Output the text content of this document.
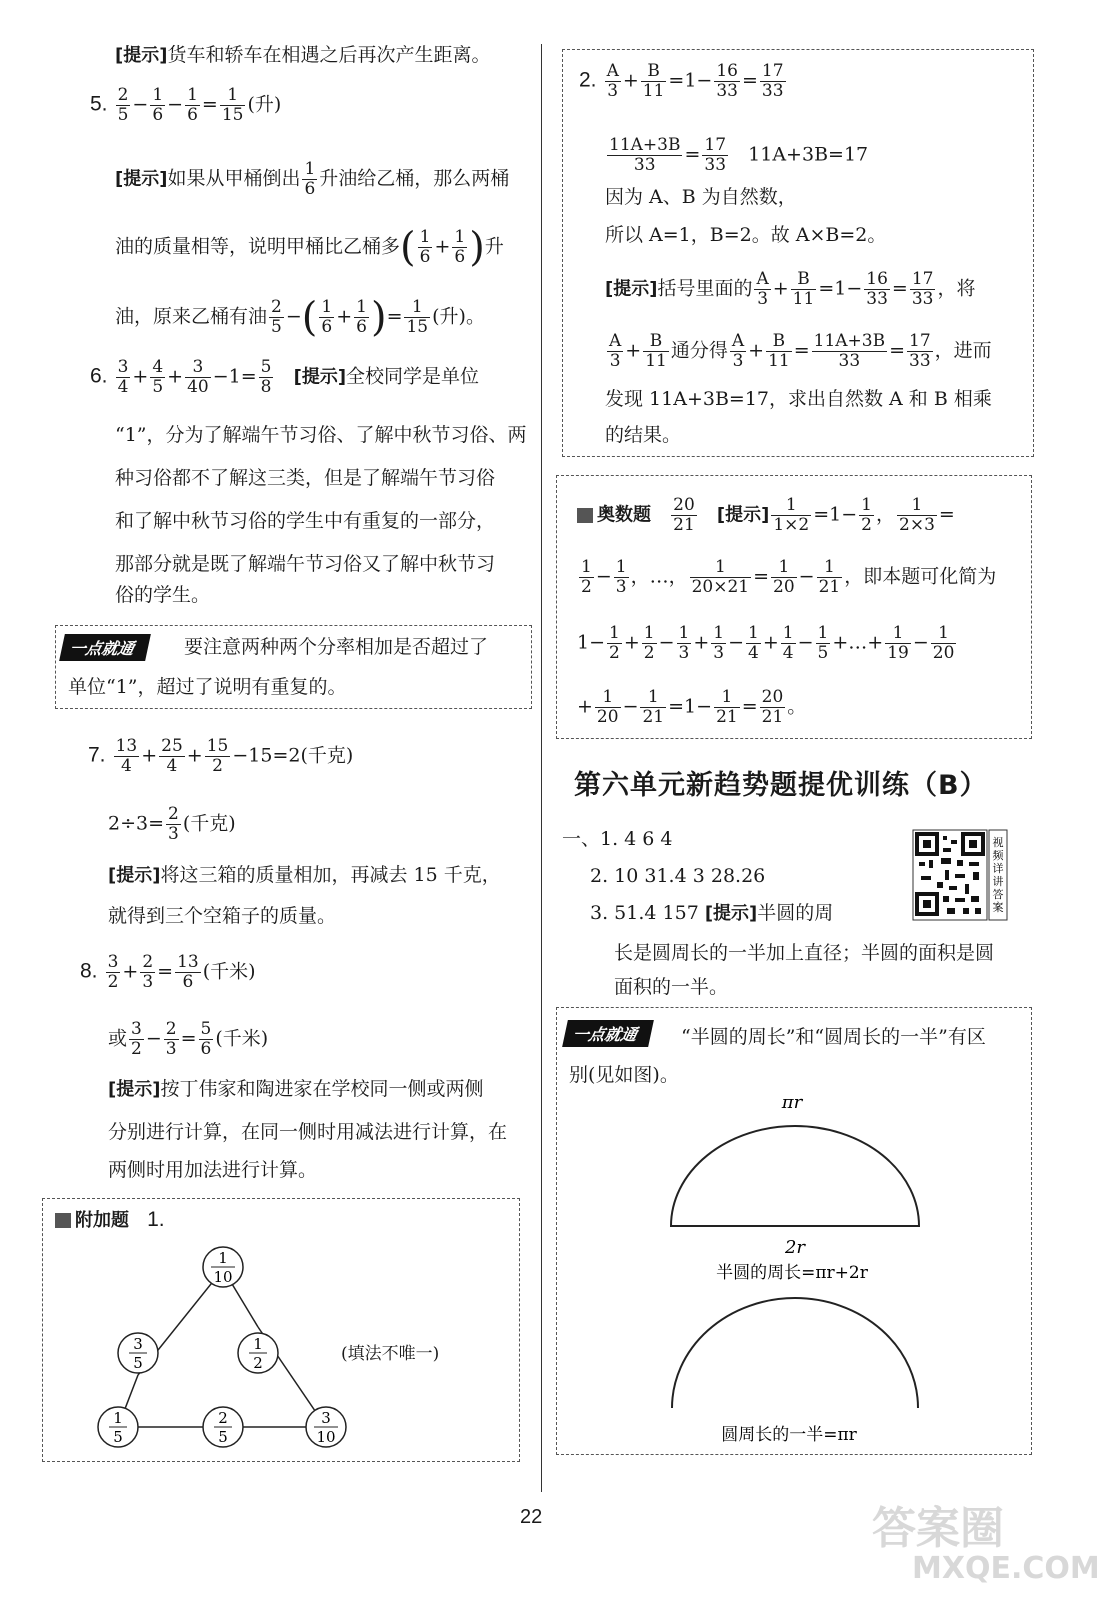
[提示]货车和轿车在相遇之后再次产生距离。
5. $\frac{2}{5} - \frac{1}{6} - \frac{1}{6} = \frac{1}{15}$ (升)
[提示]如果从甲桶倒出 $\frac{1}{6}$ 升油给乙桶，那么两桶
油的质量相等，说明甲桶比乙桶多( $\frac{1}{6} + \frac{1}{6}$ )升
油，原来乙桶有油 $\frac{2}{5}$ −( $\frac{1}{6} + \frac{1}{6}$ )= $\frac{1}{15}$ (升)。
6. $\frac{3}{4} + \frac{4}{5} + \frac{3}{40} -1= \frac{5}{8}$ [提示]全校同学是单位
“1”，分为了解端午节习俗、了解中秋节习俗、两
种习俗都不了解这三类，但是了解端午节习俗
和了解中秋节习俗的学生中有重复的一部分，
那部分就是既了解端午节习俗又了解中秋节习
俗的学生。
一点就通	要注意两种两个分率相加是否超过了
单位“1”，超过了说明有重复的。
7. $\frac{13}{4} + \frac{25}{4} + \frac{15}{2} -15=2$(千克)
$2\div 3= \frac{2}{3}$ (千克)
[提示]将这三箱的质量相加，再减去 15 千克，
就得到三个空箱子的质量。
8. $\frac{3}{2} + \frac{2}{3} = \frac{13}{6}$ (千米)
或 $\frac{3}{2} - \frac{2}{3} = \frac{5}{6}$ (千米)
[提示]按丁伟家和陶进家在学校同一侧或两侧
分别进行计算，在同一侧时用减法进行计算，在
两侧时用加法进行计算。
附加题 1.
1
10
3
5
1
2
1
5
2
5
3
10
(填法不唯一)
2. $\frac{A}{3} + \frac{B}{11} =1- \frac{16}{33} = \frac{17}{33}$
$\frac{11A+3B}{33} = \frac{17}{33} 11A+3B=17$
因为 A、B 为自然数，
所以 A=1，B=2。故 A×B=2。
[提示]括号里面的 $\frac{A}{3} + \frac{B}{11} =1- \frac{16}{33} = \frac{17}{33}$ ，将
$\frac{A}{3} + \frac{B}{11}$ 通分得 $\frac{A}{3} + \frac{B}{11} = \frac{11A+3B}{33} = \frac{17}{33}$ ，进而
发现 11A+3B=17，求出自然数 A 和 B 相乘
的结果。
奥数题 $\frac{20}{21}$ [提示] $\frac{1}{1\times 2} =1- \frac{1}{2}$ ， $\frac{1}{2\times 3}$ =
$\frac{1}{2} - \frac{1}{3}$ ，…， $\frac{1}{20\times 21} = \frac{1}{20} - \frac{1}{21}$ ，即本题可化简为
$1- \frac{1}{2} + \frac{1}{2} - \frac{1}{3} + \frac{1}{3} - \frac{1}{4} + \frac{1}{4} - \frac{1}{5}$ +…+ $\frac{1}{19} - \frac{1}{20}$
+ $\frac{1}{20} - \frac{1}{21} =1- \frac{1}{21} = \frac{20}{21}$ 。
第六单元新趋势题提优训练（B）
一、1. 4 6 4
2. 10 31.4 3 28.26
3. 51.4 157 [提示]半圆的周
长是圆周长的一半加上直径；半圆的面积是圆
面积的一半。
视频详讲答案
一点就通	“半圆的周长”和“圆周长的一半”有区
别(见如图)。
πr
2r
半圆的周长=πr+2r
圆周长的一半=πr
22	答案圈
MXQE.COM
